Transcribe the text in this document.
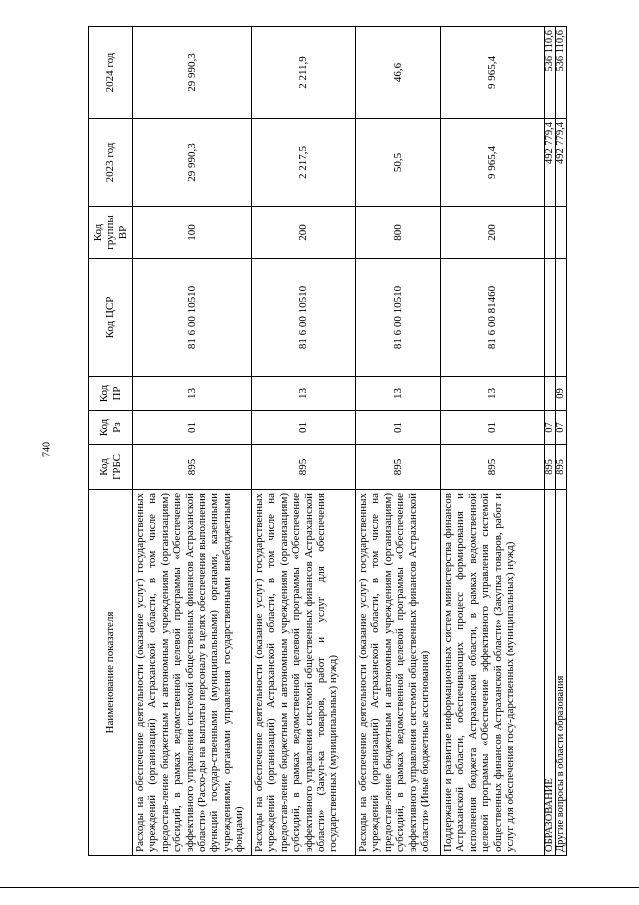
740
Наименование показателя	Код ГРБС	Код Рз	Код ПР	Код ЦСР	Код группы ВР	2023 год	2024 год
Расходы на обеспечение деятельности (оказание услуг) государственных учреждений (организаций) Астраханской области, в том числе на предостав-ление бюджетным и автономным учреждениям (организациям) субсидий, в рамках ведомственной целевой программы «Обеспечение эффективного управления системой общественных финансов Астраханской области» (Расхо-ды на выплаты персоналу в целях обеспечения выполнения функций государ-ственными (муниципальными) органами, казенными учреждениями, органами управления государственными внебюджетными фондами)	895	01	13	81 6 00 10510	100	29 990,3	29 990,3
Расходы на обеспечение деятельности (оказание услуг) государственных учреждений (организаций) Астраханской области, в том числе на предостав-ление бюджетным и автономным учреждениям (организациям) субсидий, в рамках ведомственной целевой программы «Обеспечение эффективного управления системой общественных финансов Астраханской области» (Закуп-ка товаров, работ и услуг для обеспечения государственных (муниципальных) нужд)	895	01	13	81 6 00 10510	200	2 217,5	2 211,9
Расходы на обеспечение деятельности (оказание услуг) государственных учреждений (организаций) Астраханской области, в том числе на предостав-ление бюджетным и автономным учреждениям (организациям) субсидий, в рамках ведомственной целевой программы «Обеспечение эффективного управления системой общественных финансов Астраханской области» (Иные бюджетные ассигнования)	895	01	13	81 6 00 10510	800	50,5	46,6
Поддержание и развитие информационных систем министерства финансов Астраханской области, обеспечивающих процесс формирования и исполнения бюджета Астраханской области, в рамках ведомственной целевой программы «Обеспечение эффективного управления системой общественных финансов Астраханской области» (Закупка товаров, работ и услуг для обеспечения госу-дарственных (муниципальных) нужд)	895	01	13	81 6 00 81460	200	9 965,4	9 965,4
ОБРАЗОВАНИЕ	895	07				492 779,4	536 110,6
Другие вопросы в области образования	895	07	09			492 779,4	536 110,6
